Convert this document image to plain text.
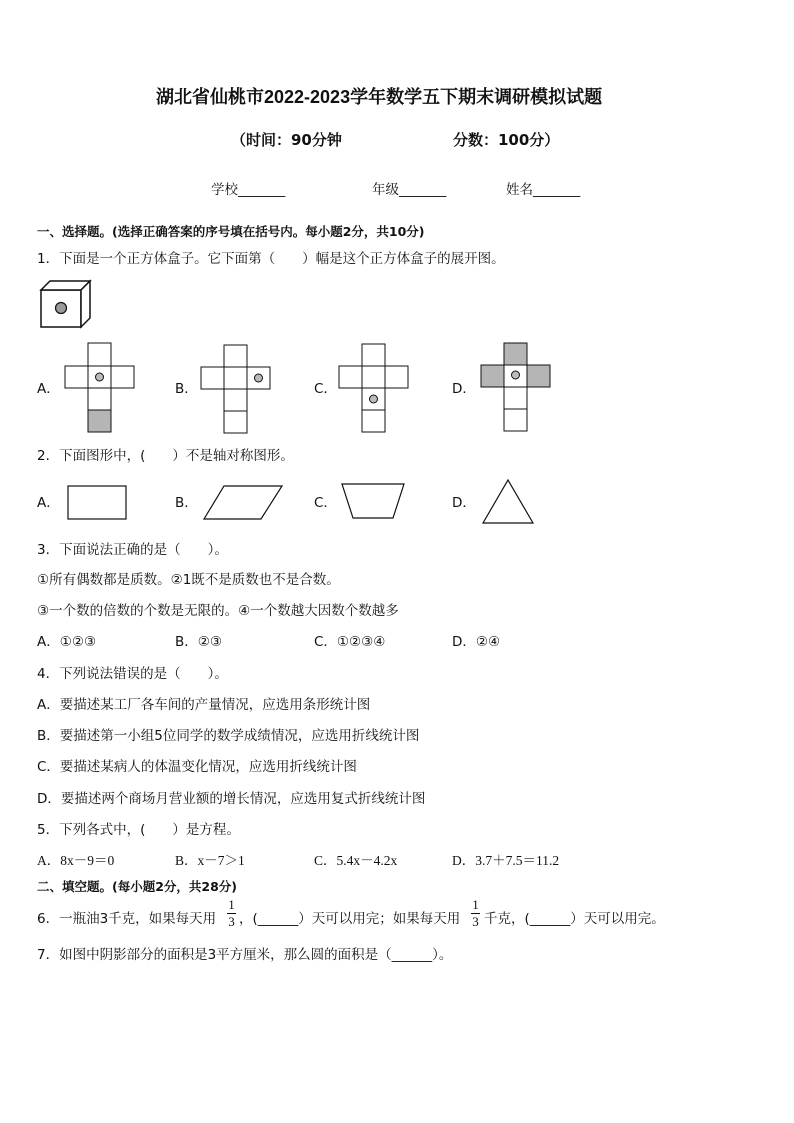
湖北省仙桃市2022-2023学年数学五下期末调研模拟试题
（时间：90分钟	分数：100分）
学校_______	年级_______	姓名_______
一、选择题。(选择正确答案的序号填在括号内。每小题2分，共10分)
1．下面是一个正方体盒子。它下面第（　　）幅是这个正方体盒子的展开图。
A．	B．	C．	D．
2．下面图形中，(　　）不是轴对称图形。
A．	B．	C．	D．
3．下面说法正确的是（　　）。
①所有偶数都是质数。②1既不是质数也不是合数。
③一个数的倍数的个数是无限的。④一个数越大因数个数越多
A．①②③	B．②③	C．①②③④	D．②④
4．下列说法错误的是（　　）。
A．要描述某工厂各车间的产量情况，应选用条形统计图
B．要描述第一小组5位同学的数学成绩情况，应选用折线统计图
C．要描述某病人的体温变化情况，应选用折线统计图
D．要描述两个商场月营业额的增长情况，应选用复式折线统计图
5．下列各式中，(　　）是方程。
A．8x－9＝0	B．x－7＞1	C．5.4x－4.2x	D．3.7＋7.5＝11.2
二、填空题。(每小题2分，共28分)
6．一瓶油3千克，如果每天用
1
3 ，(______）天可以用完；如果每天用
1
3 千克，(______）天可以用完。
7．如图中阴影部分的面积是3平方厘米，那么圆的面积是（______）。
